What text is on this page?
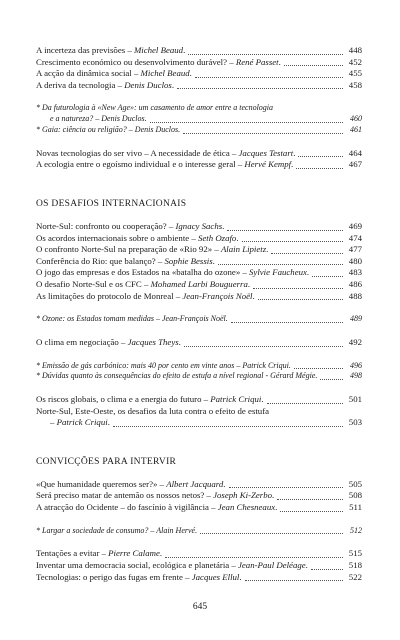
A incerteza das previsões – Michel Beaud.	448
Crescimento económico ou desenvolvimento durável? – René Passet.	452
A acção da dinâmica social – Michel Beaud.	455
A deriva da tecnologia – Denis Duclos.	458
* Da futurologia à «New Age»: um casamento de amor entre a tecnologia
e a natureza? – Denis Duclos.	460
* Gaia: ciência ou religião? – Denis Duclos.	461
Novas tecnologias do ser vivo – A necessidade de ética – Jacques Testart.	464
A ecologia entre o egoísmo individual e o interesse geral – Hervé Kempf.	467
OS DESAFIOS INTERNACIONAIS
Norte-Sul: confronto ou cooperação? – Ignacy Sachs.	469
Os acordos internacionais sobre o ambiente – Seth Ozafo.	474
O confronto Norte-Sul na preparação de «Rio 92» – Alain Lipietz.	477
Conferência do Rio: que balanço? – Sophie Bessis.	480
O jogo das empresas e dos Estados na «batalha do ozone» – Sylvie Faucheux.	483
O desafio Norte-Sul e os CFC – Mohamed Larbi Bouguerra.	486
As limitações do protocolo de Monreal – Jean-François Noël.	488
* Ozone: os Estados tomam medidas – Jean-François Noël.	489
O clima em negociação – Jacques Theys.	492
* Emissão de gás carbónico: mais 40 por cento em vinte anos – Patrick Criqui.	496
* Dúvidas quanto às consequências do efeito de estufa a nível regional - Gérard Mégie.	498
Os riscos globais, o clima e a energia do futuro – Patrick Criqui.	501
Norte-Sul, Este-Oeste, os desafios da luta contra o efeito de estufa
– Patrick Criqui.	503
CONVICÇÕES PARA INTERVIR
«Que humanidade queremos ser?» – Albert Jacquard.	505
Será preciso matar de antemão os nossos netos? – Joseph Ki-Zerbo.	508
A atracção do Ocidente – do fascínio à vigilância – Jean Chesneaux.	511
* Largar a sociedade de consumo? – Alain Hervé.	512
Tentações a evitar – Pierre Calame.	515
Inventar uma democracia social, ecológica e planetária – Jean-Paul Deléage.	518
Tecnologias: o perigo das fugas em frente – Jacques Ellul.	522
645
